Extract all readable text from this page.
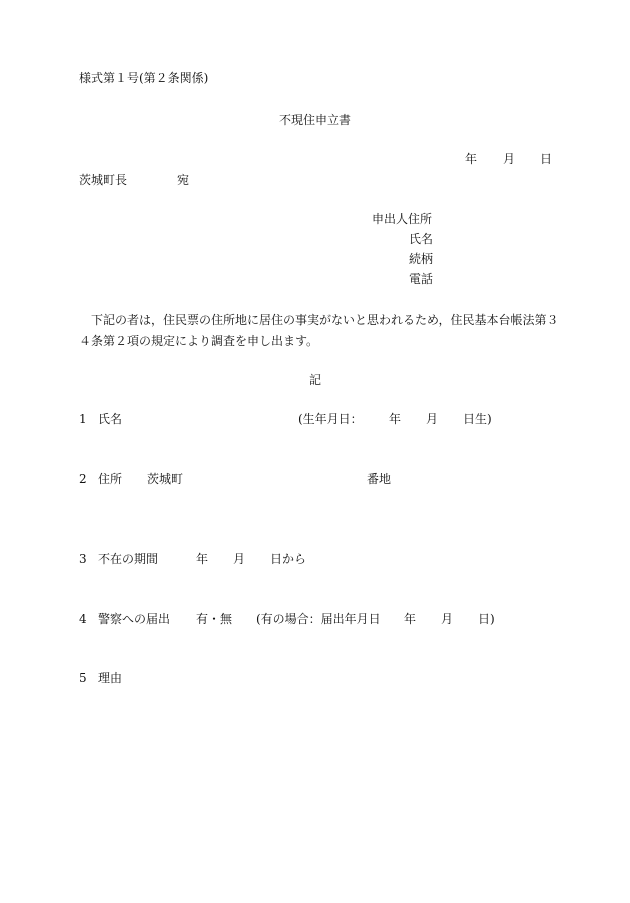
様式第１号(第２条関係)
不現住申立書
年 月 日
茨城町長	宛
申出人住所
氏名
続柄
電話
下記の者は，住民票の住所地に居住の事実がないと思われるため，住民基本台帳法第３４条第２項の規定により調査を申し出ます。
記
1 氏名	(生年月日： 年 月 日生)
2 住所 茨城町	番地
3 不在の期間	年 月 日から
4 警察への届出 有・無 (有の場合：届出年月日 年 月 日)
5 理由
